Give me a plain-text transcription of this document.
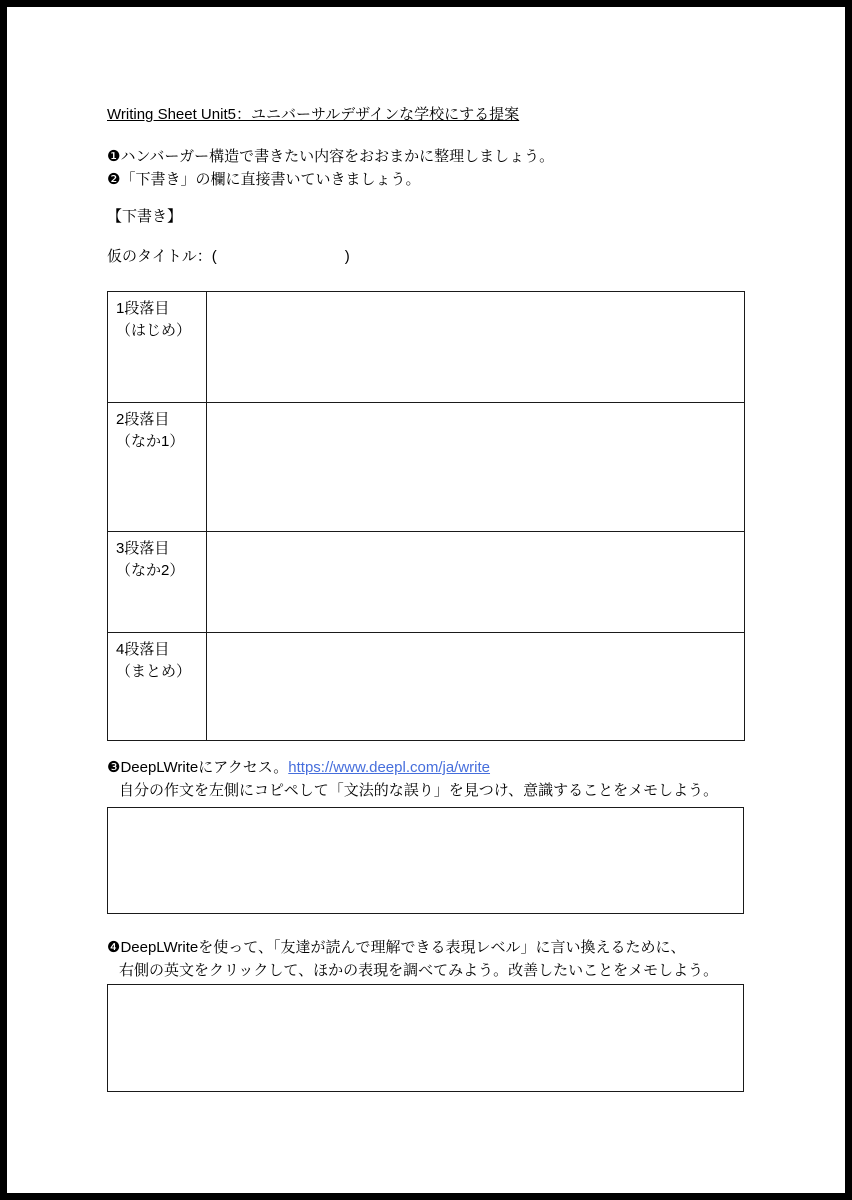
Writing Sheet Unit5：ユニバーサルデザインな学校にする提案
❶ハンバーガー構造で書きたい内容をおおまかに整理しましょう。
❷「下書き」の欄に直接書いていきましょう。
【下書き】
仮のタイトル：(	)
1段落目
（はじめ）	

2段落目
（なか1）	

3段落目
（なか2）	

4段落目
（まとめ）	

❸DeepLWriteにアクセス。https://www.deepl.com/ja/write
自分の作文を左側にコピペして「文法的な誤り」を見つけ、意識することをメモしよう。
❹DeepLWriteを使って、「友達が読んで理解できる表現レベル」に言い換えるために、
右側の英文をクリックして、ほかの表現を調べてみよう。改善したいことをメモしよう。
